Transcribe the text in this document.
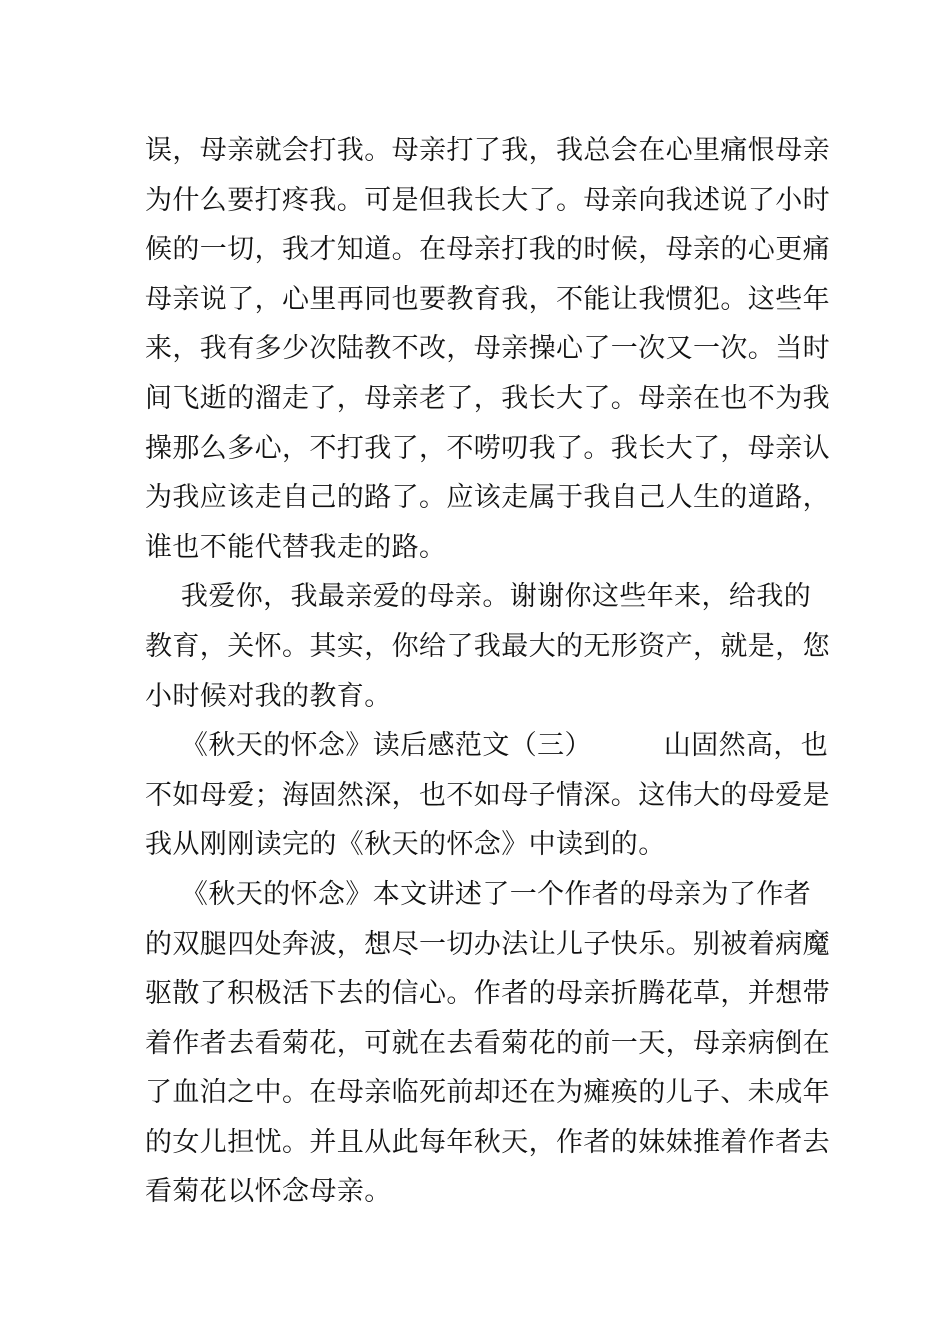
误，母亲就会打我。母亲打了我，我总会在心里痛恨母亲
为什么要打疼我。可是但我长大了。母亲向我述说了小时
候的一切，我才知道。在母亲打我的时候，母亲的心更痛
母亲说了，心里再同也要教育我，不能让我惯犯。这些年
来，我有多少次陆教不改，母亲操心了一次又一次。当时
间飞逝的溜走了，母亲老了，我长大了。母亲在也不为我
操那么多心，不打我了，不唠叨我了。我长大了，母亲认
为我应该走自己的路了。应该走属于我自己人生的道路，
谁也不能代替我走的路。
我爱你，我最亲爱的母亲。谢谢你这些年来，给我的
教育，关怀。其实，你给了我最大的无形资产，就是，您
小时候对我的教育。
《秋天的怀念》读后感范文（三）        山固然高，也
不如母爱；海固然深，也不如母子情深。这伟大的母爱是
我从刚刚读完的《秋天的怀念》中读到的。
《秋天的怀念》本文讲述了一个作者的母亲为了作者
的双腿四处奔波，想尽一切办法让儿子快乐。别被着病魔
驱散了积极活下去的信心。作者的母亲折腾花草，并想带
着作者去看菊花，可就在去看菊花的前一天，母亲病倒在
了血泊之中。在母亲临死前却还在为瘫痪的儿子、未成年
的女儿担忧。并且从此每年秋天，作者的妹妹推着作者去
看菊花以怀念母亲。
